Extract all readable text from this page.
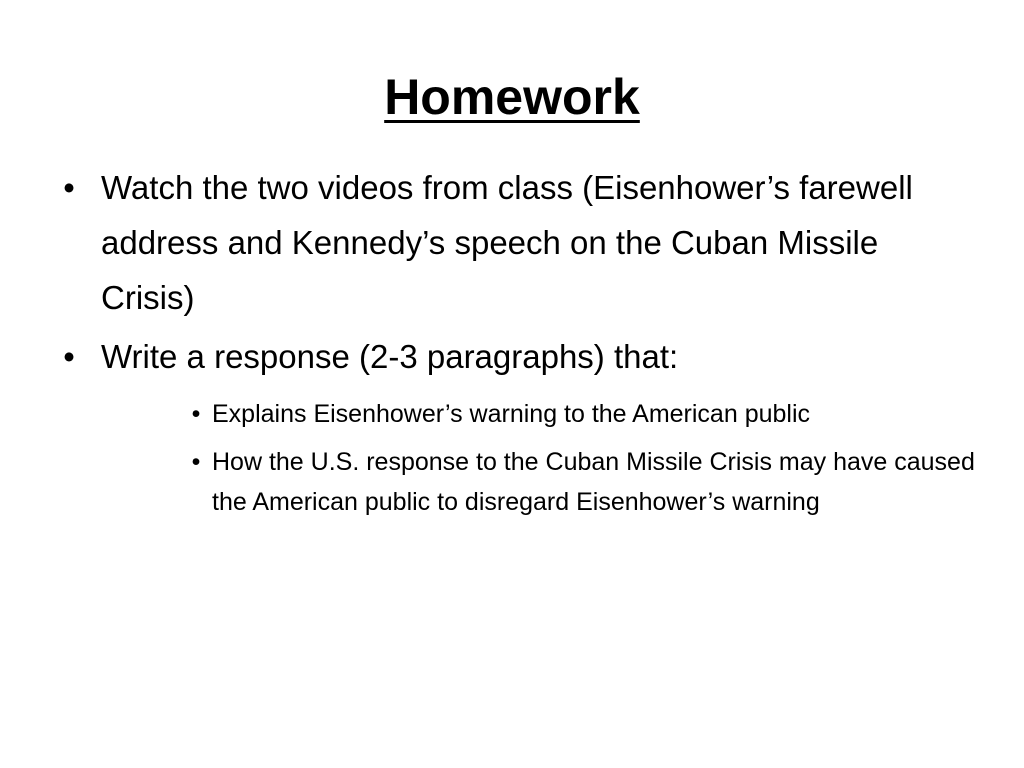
Homework
• Watch the two videos from class (Eisenhower’s farewell address and Kennedy’s speech on the Cuban Missile Crisis)
• Write a response (2-3 paragraphs) that:
• Explains Eisenhower’s warning to the American public
• How the U.S. response to the Cuban Missile Crisis may have caused the American public to disregard Eisenhower’s warning
